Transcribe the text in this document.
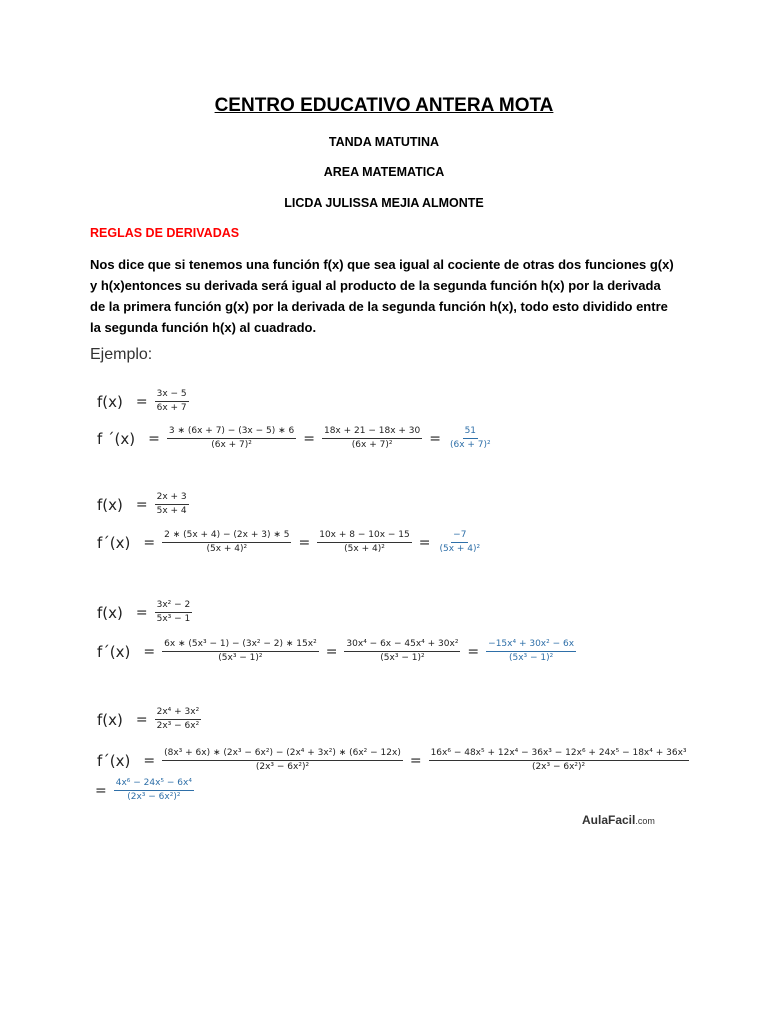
CENTRO EDUCATIVO ANTERA MOTA
TANDA MATUTINA
AREA MATEMATICA
LICDA JULISSA MEJIA ALMONTE
REGLAS DE DERIVADAS
Nos dice que si tenemos una función f(x) que sea igual al cociente de otras dos funciones g(x)
y h(x)entonces su derivada será igual al producto de la segunda función h(x) por la derivada
de la primera función g(x) por la derivada de la segunda función h(x), todo esto dividido entre
la segunda función h(x) al cuadrado.
Ejemplo:
$f(x) = \frac{3x - 5}{6x + 7}$
f ´(x) = $\frac{3 ∗ (6x + 7) - (3x - 5) ∗ 6}{\text{(6x + 7)²}} = \frac{18x + 21 - 18x + 30}{\text{(6x + 7)²}} = \frac{51}{\text{(6x + 7)²}}$
$f(x) = \frac{2x + 3}{5x + 4}$
f´(x) = $\frac{2 ∗ (5x + 4) - (2x + 3) ∗ 5}{\text{(5x + 4)²}} = \frac{10x + 8 - 10x - 15}{\text{(5x + 4)²}} = \frac{-7}{\text{(5x + 4)²}}$
$f(x) = \frac{\text{3x² − 2}}{\text{5x³ − 1}}$
f´(x) = $\frac{\text{6x ∗ (5x³ − 1) − (3x² − 2) ∗ 15x²}}{\text{(5x³ − 1)²}} = \frac{\text{30x⁴ − 6x − 45x⁴ + 30x²}}{\text{(5x³ − 1)²}} = \frac{\text{−15x⁴ + 30x² − 6x}}{\text{(5x³ − 1)²}}$
$f(x) = \frac{\text{2x⁴ + 3x²}}{\text{2x³ − 6x²}}$
f´(x) = $\frac{\text{(8x³ + 6x) ∗ (2x³ − 6x²) − (2x⁴ + 3x²) ∗ (6x² − 12x)}}{\text{(2x³ − 6x²)²}} = \frac{\text{16x⁶ − 48x⁵ + 12x⁴ − 36x³ − 12x⁶ + 24x⁵ − 18x⁴ + 36x³}}{\text{(2x³ − 6x²)²}}$
= $\frac{\text{4x⁶ − 24x⁵ − 6x⁴}}{\text{(2x³ − 6x²)²}}$
AulaFacil.com
